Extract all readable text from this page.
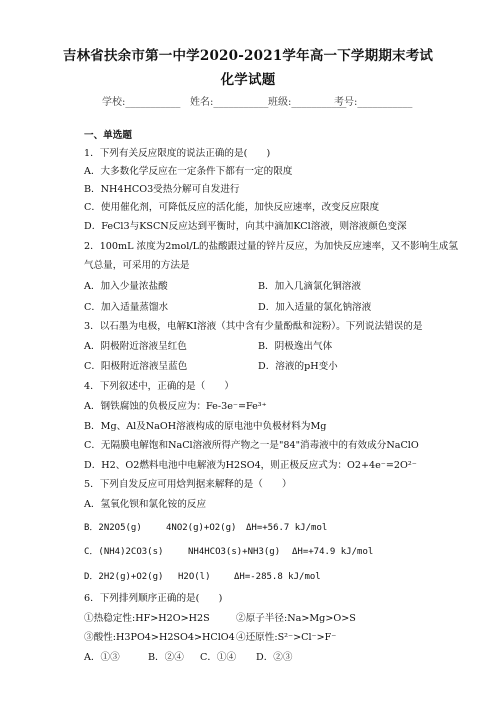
吉林省扶余市第一中学2020-2021学年高一下学期期末考试
化学试题
学校:___________ 姓名:___________ 班级:___________
考号:___________
一、单选题
1．下列有关反应限度的说法正确的是(　　)
A．大多数化学反应在一定条件下都有一定的限度
B．NH4HCO3受热分解可自发进行
C．使用催化剂，可降低反应的活化能，加快反应速率，改变反应限度
D．FeCl3与KSCN反应达到平衡时，向其中滴加KCl溶液，则溶液颜色变深
2．100mL 浓度为2mol/L的盐酸跟过量的锌片反应，为加快反应速率，又不影响生成氢
气总量，可采用的方法是
A．加入少量浓盐酸	B．加入几滴氯化铜溶液
C．加入适量蒸馏水	D．加入适量的氯化钠溶液
3．以石墨为电极，电解KI溶液（其中含有少量酚酞和淀粉）。下列说法错误的是
A．阴极附近溶液呈红色	B．阴极逸出气体
C．阳极附近溶液呈蓝色	D．溶液的pH变小
4．下列叙述中，正确的是（　　）
A．钢铁腐蚀的负极反应为：Fe-3e⁻=Fe³⁺
B．Mg、Al及NaOH溶液构成的原电池中负极材料为Mg
C．无隔膜电解饱和NaCl溶液所得产物之一是"84"消毒液中的有效成分NaClO
D．H2、O2燃料电池中电解液为H2SO4，则正极反应式为：O2+4e⁻=2O²⁻
5．下列自发反应可用焓判据来解释的是（　　）
A．氢氧化钡和氯化铵的反应
B．2N2O5(g)	4NO2(g)+O2(g) ΔH=+56.7 kJ/mol
C．(NH4)2CO3(s)	NH4HCO3(s)+NH3(g) ΔH=+74.9 kJ/mol
D．2H2(g)+O2(g) H2O(l)	ΔH=-285.8 kJ/mol
6．下列排列顺序正确的是(　　)
①热稳定性:HF>H2O>H2S	②原子半径:Na>Mg>O>S
③酸性:H3PO4>H2SO4>HClO4 ④还原性:S²⁻>Cl⁻>F⁻
A．①③	B．②④ C．①④ D．②③
